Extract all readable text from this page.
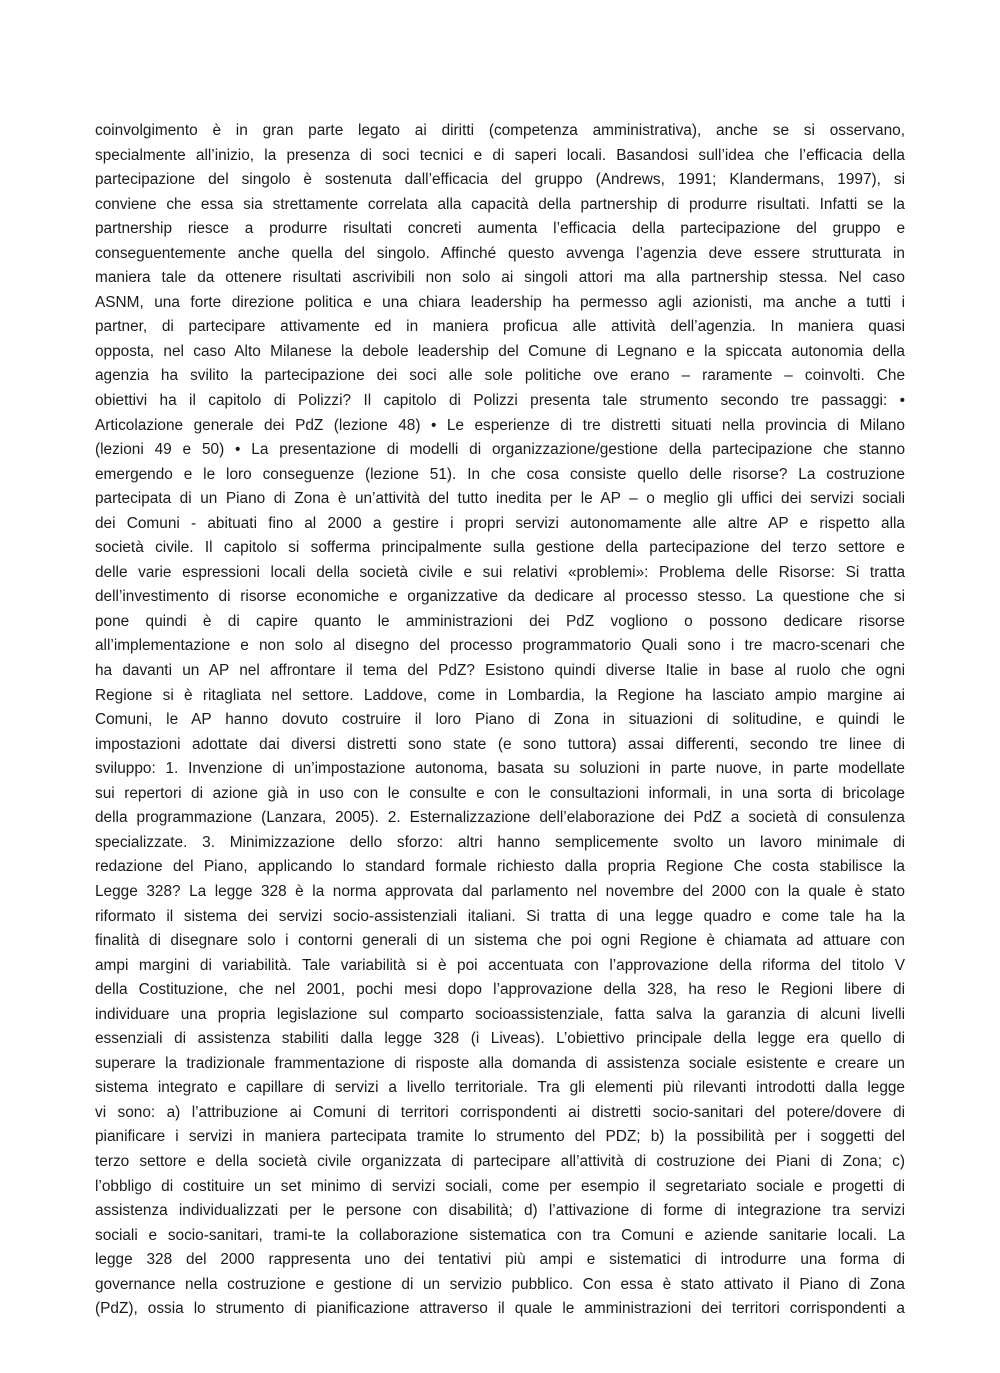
coinvolgimento è in gran parte legato ai diritti (competenza amministrativa), anche se si osservano,
specialmente all’inizio, la presenza di soci tecnici e di saperi locali. Basandosi sull’idea che l’efficacia della
partecipazione del singolo è sostenuta dall’efficacia del gruppo (Andrews, 1991; Klandermans, 1997), si
conviene che essa sia strettamente correlata alla capacità della partnership di produrre risultati. Infatti se la
partnership riesce a produrre risultati concreti aumenta l’efficacia della partecipazione del gruppo e
conseguentemente anche quella del singolo. Affinché questo avvenga l’agenzia deve essere strutturata in
maniera tale da ottenere risultati ascrivibili non solo ai singoli attori ma alla partnership stessa. Nel caso
ASNM, una forte direzione politica e una chiara leadership ha permesso agli azionisti, ma anche a tutti i
partner, di partecipare attivamente ed in maniera proficua alle attività dell’agenzia. In maniera quasi
opposta, nel caso Alto Milanese la debole leadership del Comune di Legnano e la spiccata autonomia della
agenzia ha svilito la partecipazione dei soci alle sole politiche ove erano – raramente – coinvolti. Che
obiettivi ha il capitolo di Polizzi? Il capitolo di Polizzi presenta tale strumento secondo tre passaggi: •
Articolazione generale dei PdZ (lezione 48) • Le esperienze di tre distretti situati nella provincia di Milano
(lezioni 49 e 50) • La presentazione di modelli di organizzazione/gestione della partecipazione che stanno
emergendo e le loro conseguenze (lezione 51). In che cosa consiste quello delle risorse? La costruzione
partecipata di un Piano di Zona è un’attività del tutto inedita per le AP – o meglio gli uffici dei servizi sociali
dei Comuni - abituati fino al 2000 a gestire i propri servizi autonomamente alle altre AP e rispetto alla
società civile. Il capitolo si sofferma principalmente sulla gestione della partecipazione del terzo settore e
delle varie espressioni locali della società civile e sui relativi «problemi»: Problema delle Risorse: Si tratta
dell’investimento di risorse economiche e organizzative da dedicare al processo stesso. La questione che si
pone quindi è di capire quanto le amministrazioni dei PdZ vogliono o possono dedicare risorse
all’implementazione e non solo al disegno del processo programmatorio Quali sono i tre macro-scenari che
ha davanti un AP nel affrontare il tema del PdZ? Esistono quindi diverse Italie in base al ruolo che ogni
Regione si è ritagliata nel settore. Laddove, come in Lombardia, la Regione ha lasciato ampio margine ai
Comuni, le AP hanno dovuto costruire il loro Piano di Zona in situazioni di solitudine, e quindi le
impostazioni adottate dai diversi distretti sono state (e sono tuttora) assai differenti, secondo tre linee di
sviluppo: 1. Invenzione di un’impostazione autonoma, basata su soluzioni in parte nuove, in parte modellate
sui repertori di azione già in uso con le consulte e con le consultazioni informali, in una sorta di bricolage
della programmazione (Lanzara, 2005). 2. Esternalizzazione dell’elaborazione dei PdZ a società di consulenza
specializzate. 3. Minimizzazione dello sforzo: altri hanno semplicemente svolto un lavoro minimale di
redazione del Piano, applicando lo standard formale richiesto dalla propria Regione Che costa stabilisce la
Legge 328? La legge 328 è la norma approvata dal parlamento nel novembre del 2000 con la quale è stato
riformato il sistema dei servizi socio-assistenziali italiani. Si tratta di una legge quadro e come tale ha la
finalità di disegnare solo i contorni generali di un sistema che poi ogni Regione è chiamata ad attuare con
ampi margini di variabilità. Tale variabilità si è poi accentuata con l’approvazione della riforma del titolo V
della Costituzione, che nel 2001, pochi mesi dopo l’approvazione della 328, ha reso le Regioni libere di
individuare una propria legislazione sul comparto socioassistenziale, fatta salva la garanzia di alcuni livelli
essenziali di assistenza stabiliti dalla legge 328 (i Liveas). L’obiettivo principale della legge era quello di
superare la tradizionale frammentazione di risposte alla domanda di assistenza sociale esistente e creare un
sistema integrato e capillare di servizi a livello territoriale. Tra gli elementi più rilevanti introdotti dalla legge
vi sono: a) l’attribuzione ai Comuni di territori corrispondenti ai distretti socio-sanitari del potere/dovere di
pianificare i servizi in maniera partecipata tramite lo strumento del PDZ; b) la possibilità per i soggetti del
terzo settore e della società civile organizzata di partecipare all’attività di costruzione dei Piani di Zona; c)
l’obbligo di costituire un set minimo di servizi sociali, come per esempio il segretariato sociale e progetti di
assistenza individualizzati per le persone con disabilità; d) l’attivazione di forme di integrazione tra servizi
sociali e socio-sanitari, trami-te la collaborazione sistematica con tra Comuni e aziende sanitarie locali. La
legge 328 del 2000 rappresenta uno dei tentativi più ampi e sistematici di introdurre una forma di
governance nella costruzione e gestione di un servizio pubblico. Con essa è stato attivato il Piano di Zona
(PdZ), ossia lo strumento di pianificazione attraverso il quale le amministrazioni dei territori corrispondenti a
